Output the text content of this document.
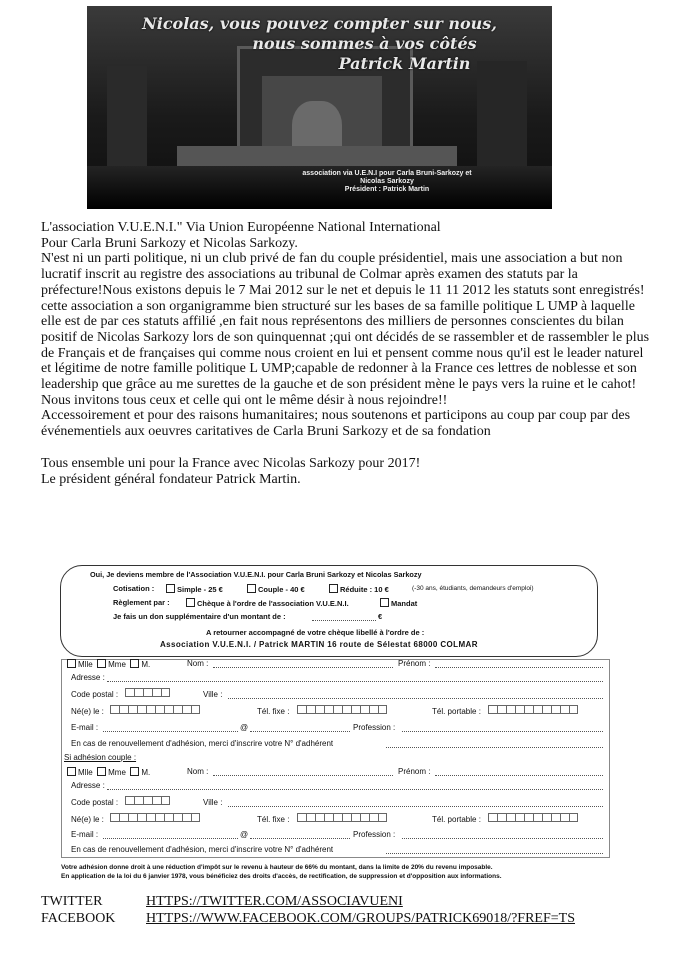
Nicolas, vous pouvez compter sur nous,
nous sommes à vos côtés
Patrick Martin
association via U.E.N.I pour Carla Bruni-Sarkozy et
Nicolas Sarkozy
Président : Patrick Martin

L'association V.U.E.N.I." Via Union Européenne National International

Pour Carla Bruni Sarkozy et Nicolas Sarkozy.

N'est ni un parti politique, ni un club privé de fan du couple présidentiel, mais une association a but non lucratif inscrit au registre des associations au tribunal de Colmar après examen des statuts par la préfecture!Nous existons depuis le 7 Mai 2012 sur le net et depuis le 11 11 2012 les statuts sont enregistrés!

cette association a son organigramme bien structuré sur les bases de sa famille politique L UMP à laquelle elle est de par ces statuts affilié ,en fait nous représentons des milliers de personnes conscientes du bilan positif de Nicolas Sarkozy lors de son quinquennat ;qui ont décidés de se rassembler et de rassembler le plus de Français et de françaises qui comme nous croient en lui et pensent comme nous qu'il est le leader naturel et légitime de notre famille politique L UMP;capable de redonner à la France ces lettres de noblesse et son leadership que grâce au me surettes de la gauche et de son président mène le pays vers la ruine et le cahot!

Nous invitons tous ceux et celle qui ont le même désir à nous rejoindre!!

Accessoirement et pour des raisons humanitaires; nous soutenons et participons au coup par coup par des événementiels aux oeuvres caritatives de Carla Bruni Sarkozy et de sa fondation

Tous ensemble uni pour la France avec Nicolas Sarkozy pour 2017!

Le président général fondateur Patrick Martin.

Oui, Je deviens membre de l'Association V.U.E.N.I. pour Carla Bruni Sarkozy et Nicolas Sarkozy
Cotisation :	Simple - 25 €	Couple - 40 €	Réduite : 10 €	(-30 ans, étudiants, demandeurs d'emploi)
Règlement par :	Chèque à l'ordre de l'association V.U.E.N.I.	Mandat
Je fais un don supplémentaire d'un montant de :	€
A retourner accompagné de votre chèque libellé à l'ordre de :
Association V.U.E.N.I. / Patrick MARTIN 16 route de Sélestat 68000 COLMAR
Mlle Mme M.	Nom :	Prénom :
Adresse :
Code postal :	Ville :
Né(e) le :	Tél. fixe :	Tél. portable :
E-mail :	@	Profession :
En cas de renouvellement d'adhésion, merci d'inscrire votre N° d'adhérent
Si adhésion couple :
Mlle Mme M.	Nom :	Prénom :
Adresse :
Code postal :	Ville :
Né(e) le :	Tél. fixe :	Tél. portable :
E-mail :	@	Profession :
En cas de renouvellement d'adhésion, merci d'inscrire votre N° d'adhérent
Votre adhésion donne droit à une réduction d'impôt sur le revenu à hauteur de 66% du montant, dans la limite de 20% du revenu imposable.
En application de la loi du 6 janvier 1978, vous bénéficiez des droits d'accès, de rectification, de suppression et d'opposition aux informations.
TWITTER	HTTPS://TWITTER.COM/ASSOCIAVUENI
FACEBOOK HTTPS://WWW.FACEBOOK.COM/GROUPS/PATRICK69018/?FREF=TS
